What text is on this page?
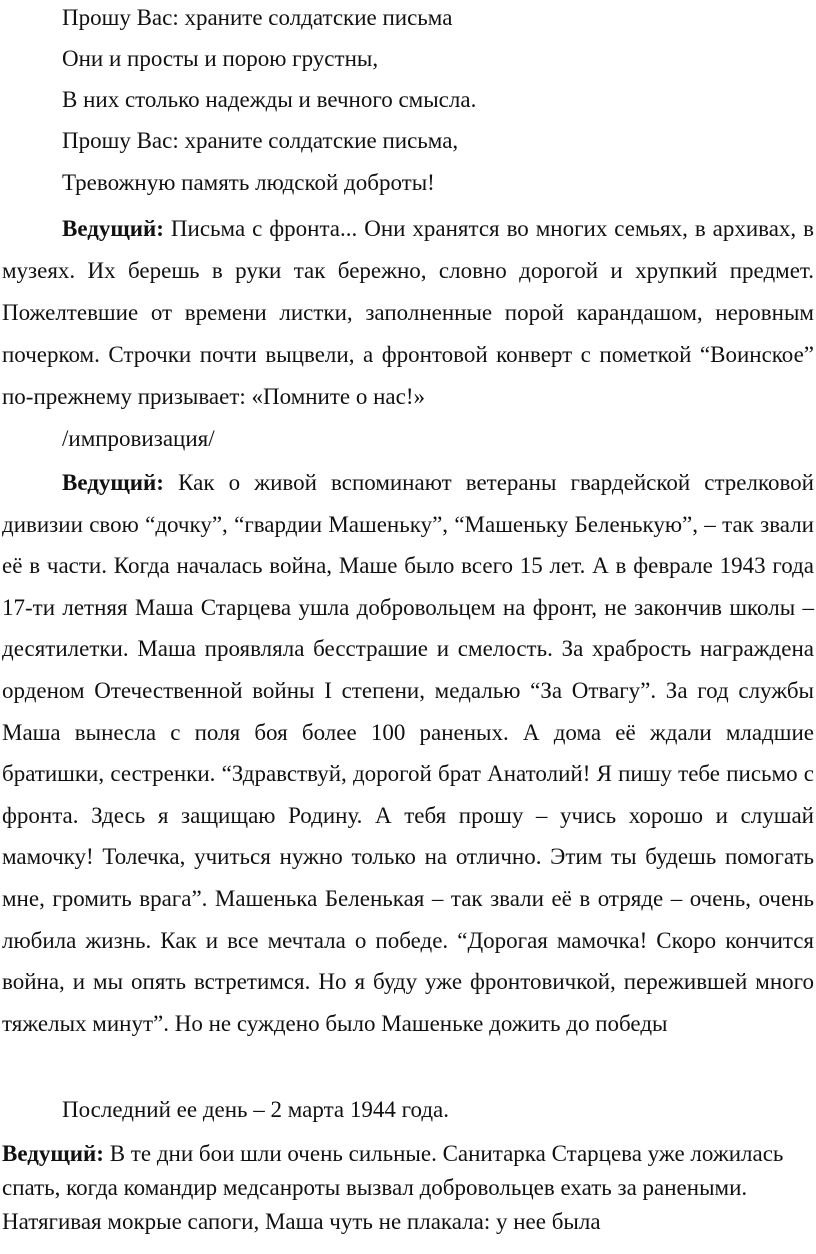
Прошу Вас: храните солдатские письма
Они и просты и порою грустны,
В них столько надежды и вечного смысла.
Прошу Вас: храните солдатские письма,
Тревожную память людской доброты!
Ведущий: Письма с фронта... Они хранятся во многих семьях, в архивах, в музеях. Их берешь в руки так бережно, словно дорогой и хрупкий предмет. Пожелтевшие от времени листки, заполненные порой карандашом, неровным почерком. Строчки почти выцвели, а фронтовой конверт с пометкой “Воинское” по-прежнему призывает: «Помните о нас!»
/импровизация/
Ведущий: Как о живой вспоминают ветераны гвардейской стрелковой дивизии свою “дочку”, “гвардии Машеньку”, “Машеньку Беленькую”, – так звали её в части. Когда началась война, Маше было всего 15 лет. А в феврале 1943 года 17-ти летняя Маша Старцева ушла добровольцем на фронт, не закончив школы – десятилетки. Маша проявляла бесстрашие и смелость. За храбрость награждена орденом Отечественной войны I степени, медалью “За Отвагу”. За год службы Маша вынесла с поля боя более 100 раненых. А дома её ждали младшие братишки, сестренки. “Здравствуй, дорогой брат Анатолий! Я пишу тебе письмо с фронта. Здесь я защищаю Родину. А тебя прошу – учись хорошо и слушай мамочку! Толечка, учиться нужно только на отлично. Этим ты будешь помогать мне, громить врага”. Машенька Беленькая – так звали её в отряде – очень, очень любила жизнь. Как и все мечтала о победе. “Дорогая мамочка! Скоро кончится война, и мы опять встретимся. Но я буду уже фронтовичкой, пережившей много тяжелых минут”. Но не суждено было Машеньке дожить до победы
Последний ее день – 2 марта 1944 года.
Ведущий: В те дни бои шли очень сильные. Санитарка Старцева уже ложилась спать, когда командир медсанроты вызвал добровольцев ехать за ранеными. Натягивая мокрые сапоги, Маша чуть не плакала: у нее была
